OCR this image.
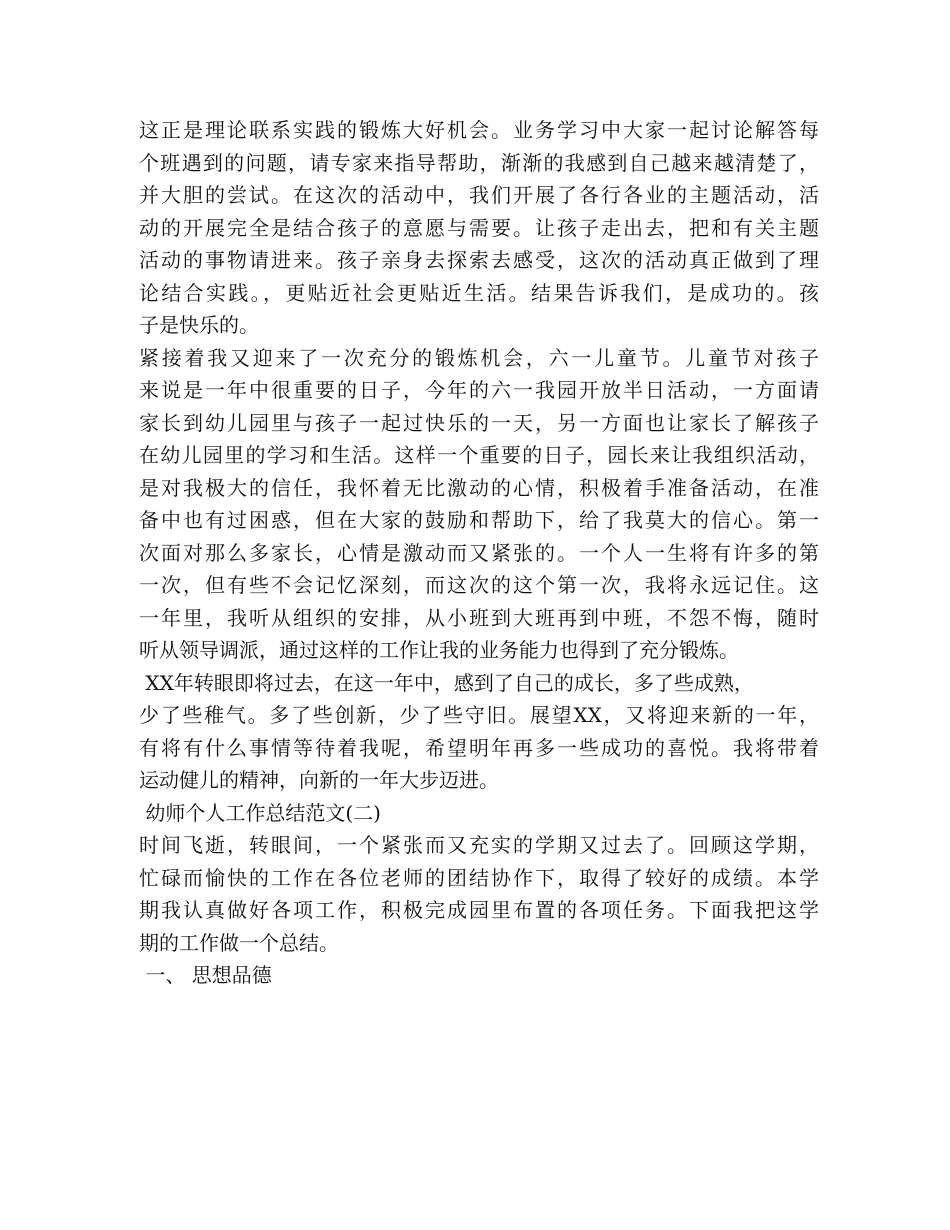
这正是理论联系实践的锻炼大好机会。业务学习中大家一起讨论解答每
个班遇到的问题，请专家来指导帮助，渐渐的我感到自己越来越清楚了，
并大胆的尝试。在这次的活动中，我们开展了各行各业的主题活动，活
动的开展完全是结合孩子的意愿与需要。让孩子走出去，把和有关主题
活动的事物请进来。孩子亲身去探索去感受，这次的活动真正做到了理
论结合实践。，更贴近社会更贴近生活。结果告诉我们，是成功的。孩
子是快乐的。
紧接着我又迎来了一次充分的锻炼机会，六一儿童节。儿童节对孩子
来说是一年中很重要的日子，今年的六一我园开放半日活动，一方面请
家长到幼儿园里与孩子一起过快乐的一天，另一方面也让家长了解孩子
在幼儿园里的学习和生活。这样一个重要的日子，园长来让我组织活动，
是对我极大的信任，我怀着无比激动的心情，积极着手准备活动，在准
备中也有过困惑，但在大家的鼓励和帮助下，给了我莫大的信心。第一
次面对那么多家长，心情是激动而又紧张的。一个人一生将有许多的第
一次，但有些不会记忆深刻，而这次的这个第一次，我将永远记住。这
一年里，我听从组织的安排，从小班到大班再到中班，不怨不悔，随时
听从领导调派，通过这样的工作让我的业务能力也得到了充分锻炼。
XX年转眼即将过去，在这一年中，感到了自己的成长，多了些成熟，
少了些稚气。多了些创新，少了些守旧。展望XX，又将迎来新的一年，
有将有什么事情等待着我呢，希望明年再多一些成功的喜悦。我将带着
运动健儿的精神，向新的一年大步迈进。
幼师个人工作总结范文(二)
时间飞逝，转眼间，一个紧张而又充实的学期又过去了。回顾这学期，
忙碌而愉快的工作在各位老师的团结协作下，取得了较好的成绩。本学
期我认真做好各项工作，积极完成园里布置的各项任务。下面我把这学
期的工作做一个总结。
一、 思想品德
